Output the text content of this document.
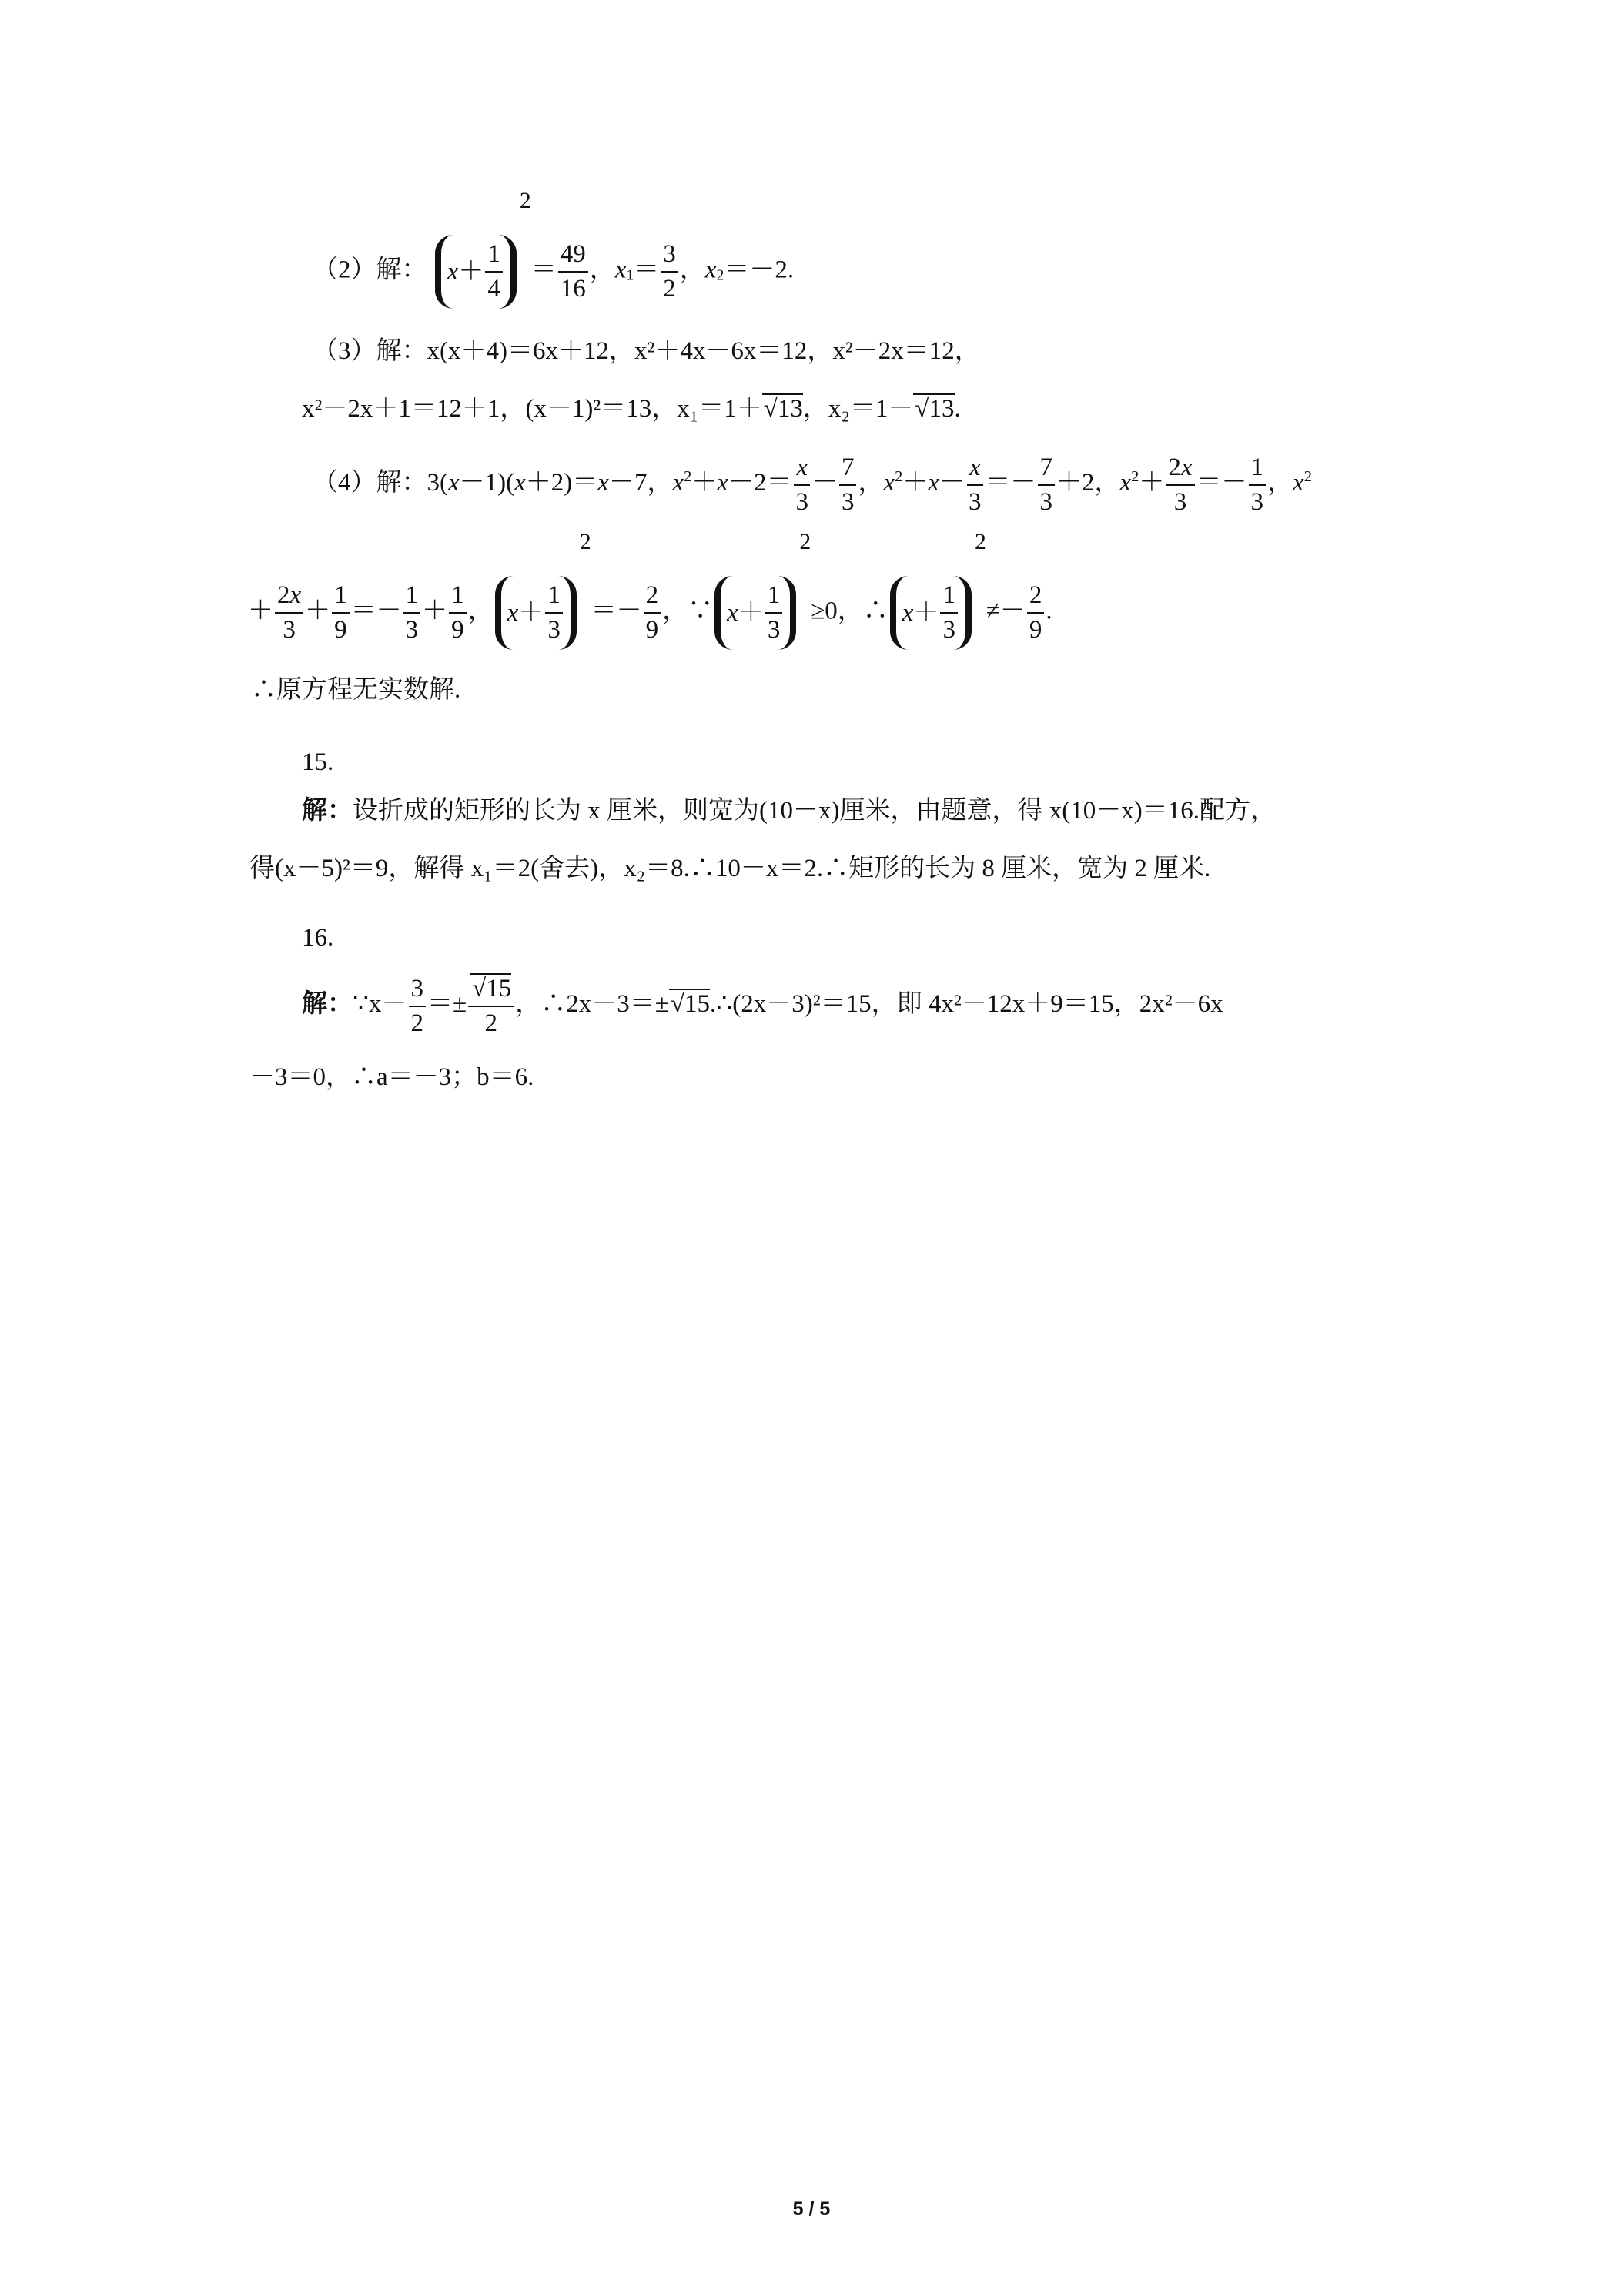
（2）解： $x + \frac{1}{4}$
$2= \frac{49}{16}$ ，$x_1= \frac{3}{2}$ ，$x_2=-2$.
（3）解：x(x＋4)＝6x＋12，x²＋4x－6x＝12，x²－2x＝12，
x²－2x＋1＝12＋1，(x－1)²＝13，x₁＝1＋√13，x₂＝1－√13.
（4）解：3(x－1)(x＋2)＝x－7，$x^2+x-2= \frac{x}{3} - \frac{7}{3}$ ，$x^2+x- \frac{x}{3} =- \frac{7}{3} +2$，$x^2+ \frac{2x}{3} =- \frac{1}{3}$ ，$x^2$
＋ $\frac{2x}{3} + \frac{1}{9} =- \frac{1}{3} + \frac{1}{9}$ ， $x + \frac{1}{3}$
$2=- \frac{2}{9}$ ，∵ $x + \frac{1}{3}$
2≥0，∴ $x + \frac{1}{3}$
$2\ne- \frac{2}{9}$ .
∴原方程无实数解.
15.
解：设折成的矩形的长为 x 厘米，则宽为(10－x)厘米，由题意，得 x(10－x)＝16.配方，
得(x－5)²＝9，解得 x₁＝2(舍去)，x₂＝8.∴10－x＝2.∴矩形的长为 8 厘米，宽为 2 厘米.
16.
解：∵x－ $\frac{3}{2} =\pm \frac{√15}{2}$ ，∴2x－3＝±√15.∴(2x－3)²＝15，即 4x²－12x＋9＝15，2x²－6x
－3＝0，∴a＝－3；b＝6.
5 / 5
